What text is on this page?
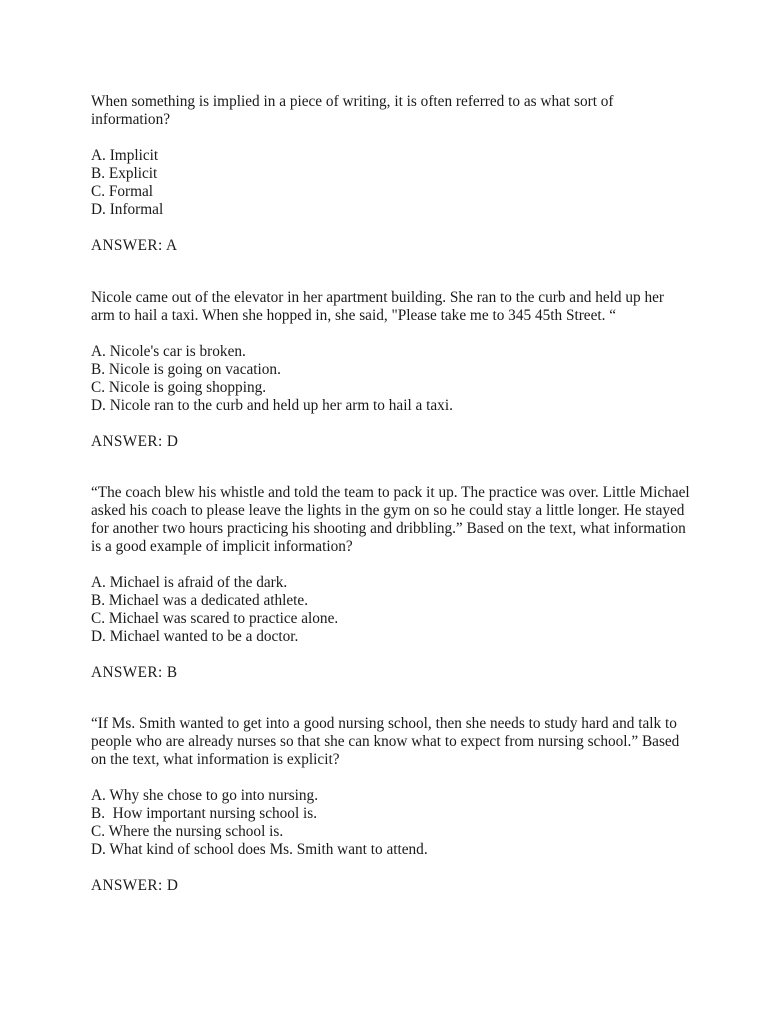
When something is implied in a piece of writing, it is often referred to as what sort of information?

A. Implicit
B. Explicit
C. Formal
D. Informal
ANSWER: A

Nicole came out of the elevator in her apartment building. She ran to the curb and held up her arm to hail a taxi. When she hopped in, she said, "Please take me to 345 45th Street. “

A. Nicole's car is broken.
B. Nicole is going on vacation.
C. Nicole is going shopping.
D. Nicole ran to the curb and held up her arm to hail a taxi.
ANSWER: D

“The coach blew his whistle and told the team to pack it up. The practice was over. Little Michael asked his coach to please leave the lights in the gym on so he could stay a little longer. He stayed for another two hours practicing his shooting and dribbling.” Based on the text, what information is a good example of implicit information?

A. Michael is afraid of the dark.
B. Michael was a dedicated athlete.
C. Michael was scared to practice alone.
D. Michael wanted to be a doctor.
ANSWER: B

“If Ms. Smith wanted to get into a good nursing school, then she needs to study hard and talk to people who are already nurses so that she can know what to expect from nursing school.” Based on the text, what information is explicit?

A. Why she chose to go into nursing.
B.  How important nursing school is.
C. Where the nursing school is.
D. What kind of school does Ms. Smith want to attend.
ANSWER: D
